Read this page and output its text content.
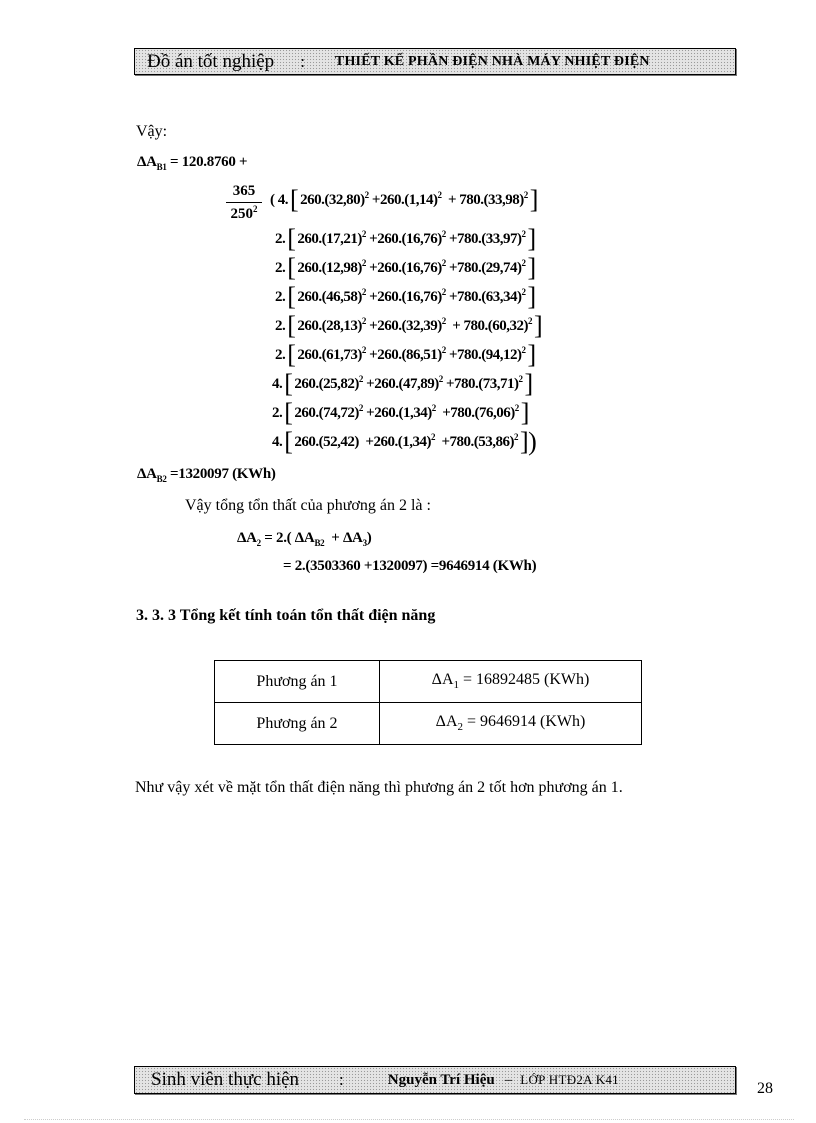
Đồ án tốt nghiệp : THIẾT KẾ PHẦN ĐIỆN NHÀ MÁY NHIỆT ĐIỆN
Vậy:
$\Delta A_{B1} = 120.8760$ +
$\frac{365}{250^2}$ ( 4. [ $260.(32,80)^2$
$+260.(1,14)^2$
+ $780.(33,98)^2$ ]
2. [ $260.(17,21)^2$
$+260.(16,76)^2$
$+780.(33,97)^2$ ]
2. [ $260.(12,98)^2$
$+260.(16,76)^2$
$+780.(29,74)^2$ ]
2. [ $260.(46,58)^2$
$+260.(16,76)^2$
$+780.(63,34)^2$ ]
2. [ $260.(28,13)^2$
$+260.(32,39)^2$
+ $780.(60,32)^2$ ]
2. [ $260.(61,73)^2$
$+260.(86,51)^2$
$+780.(94,12)^2$ ]
4. [ $260.(25,82)^2$
$+260.(47,89)^2$
$+780.(73,71)^2$ ]
2. [ $260.(74,72)^2$
$+260.(1,34)^2$
$+780.(76,06)^2$ ]
4. [ 260.(52,42)
$+260.(1,34)^2$
$+780.(53,86)^2$ ])
$\Delta A_{B2} =1320097$ (KWh)
Vậy tổng tổn thất của phương án 2 là :
$\Delta A_2 = 2$.( $\Delta A_{B2} + \Delta A_3$)
= 2.(3503360 +1320097) =9646914 (KWh)
3. 3. 3 Tổng kết tính toán tổn thất điện năng
Phương án 1	$\Delta A_1 = 16892485$ (KWh)
Phương án 2	$\Delta A_2 = 9646914$ (KWh)
Như vậy xét về mặt tổn thất điện năng thì phương án 2 tốt hơn phương án 1.
Sinh viên thực hiện :	Nguyễn Trí Hiệu – LỚP HTĐ2A K41
28
